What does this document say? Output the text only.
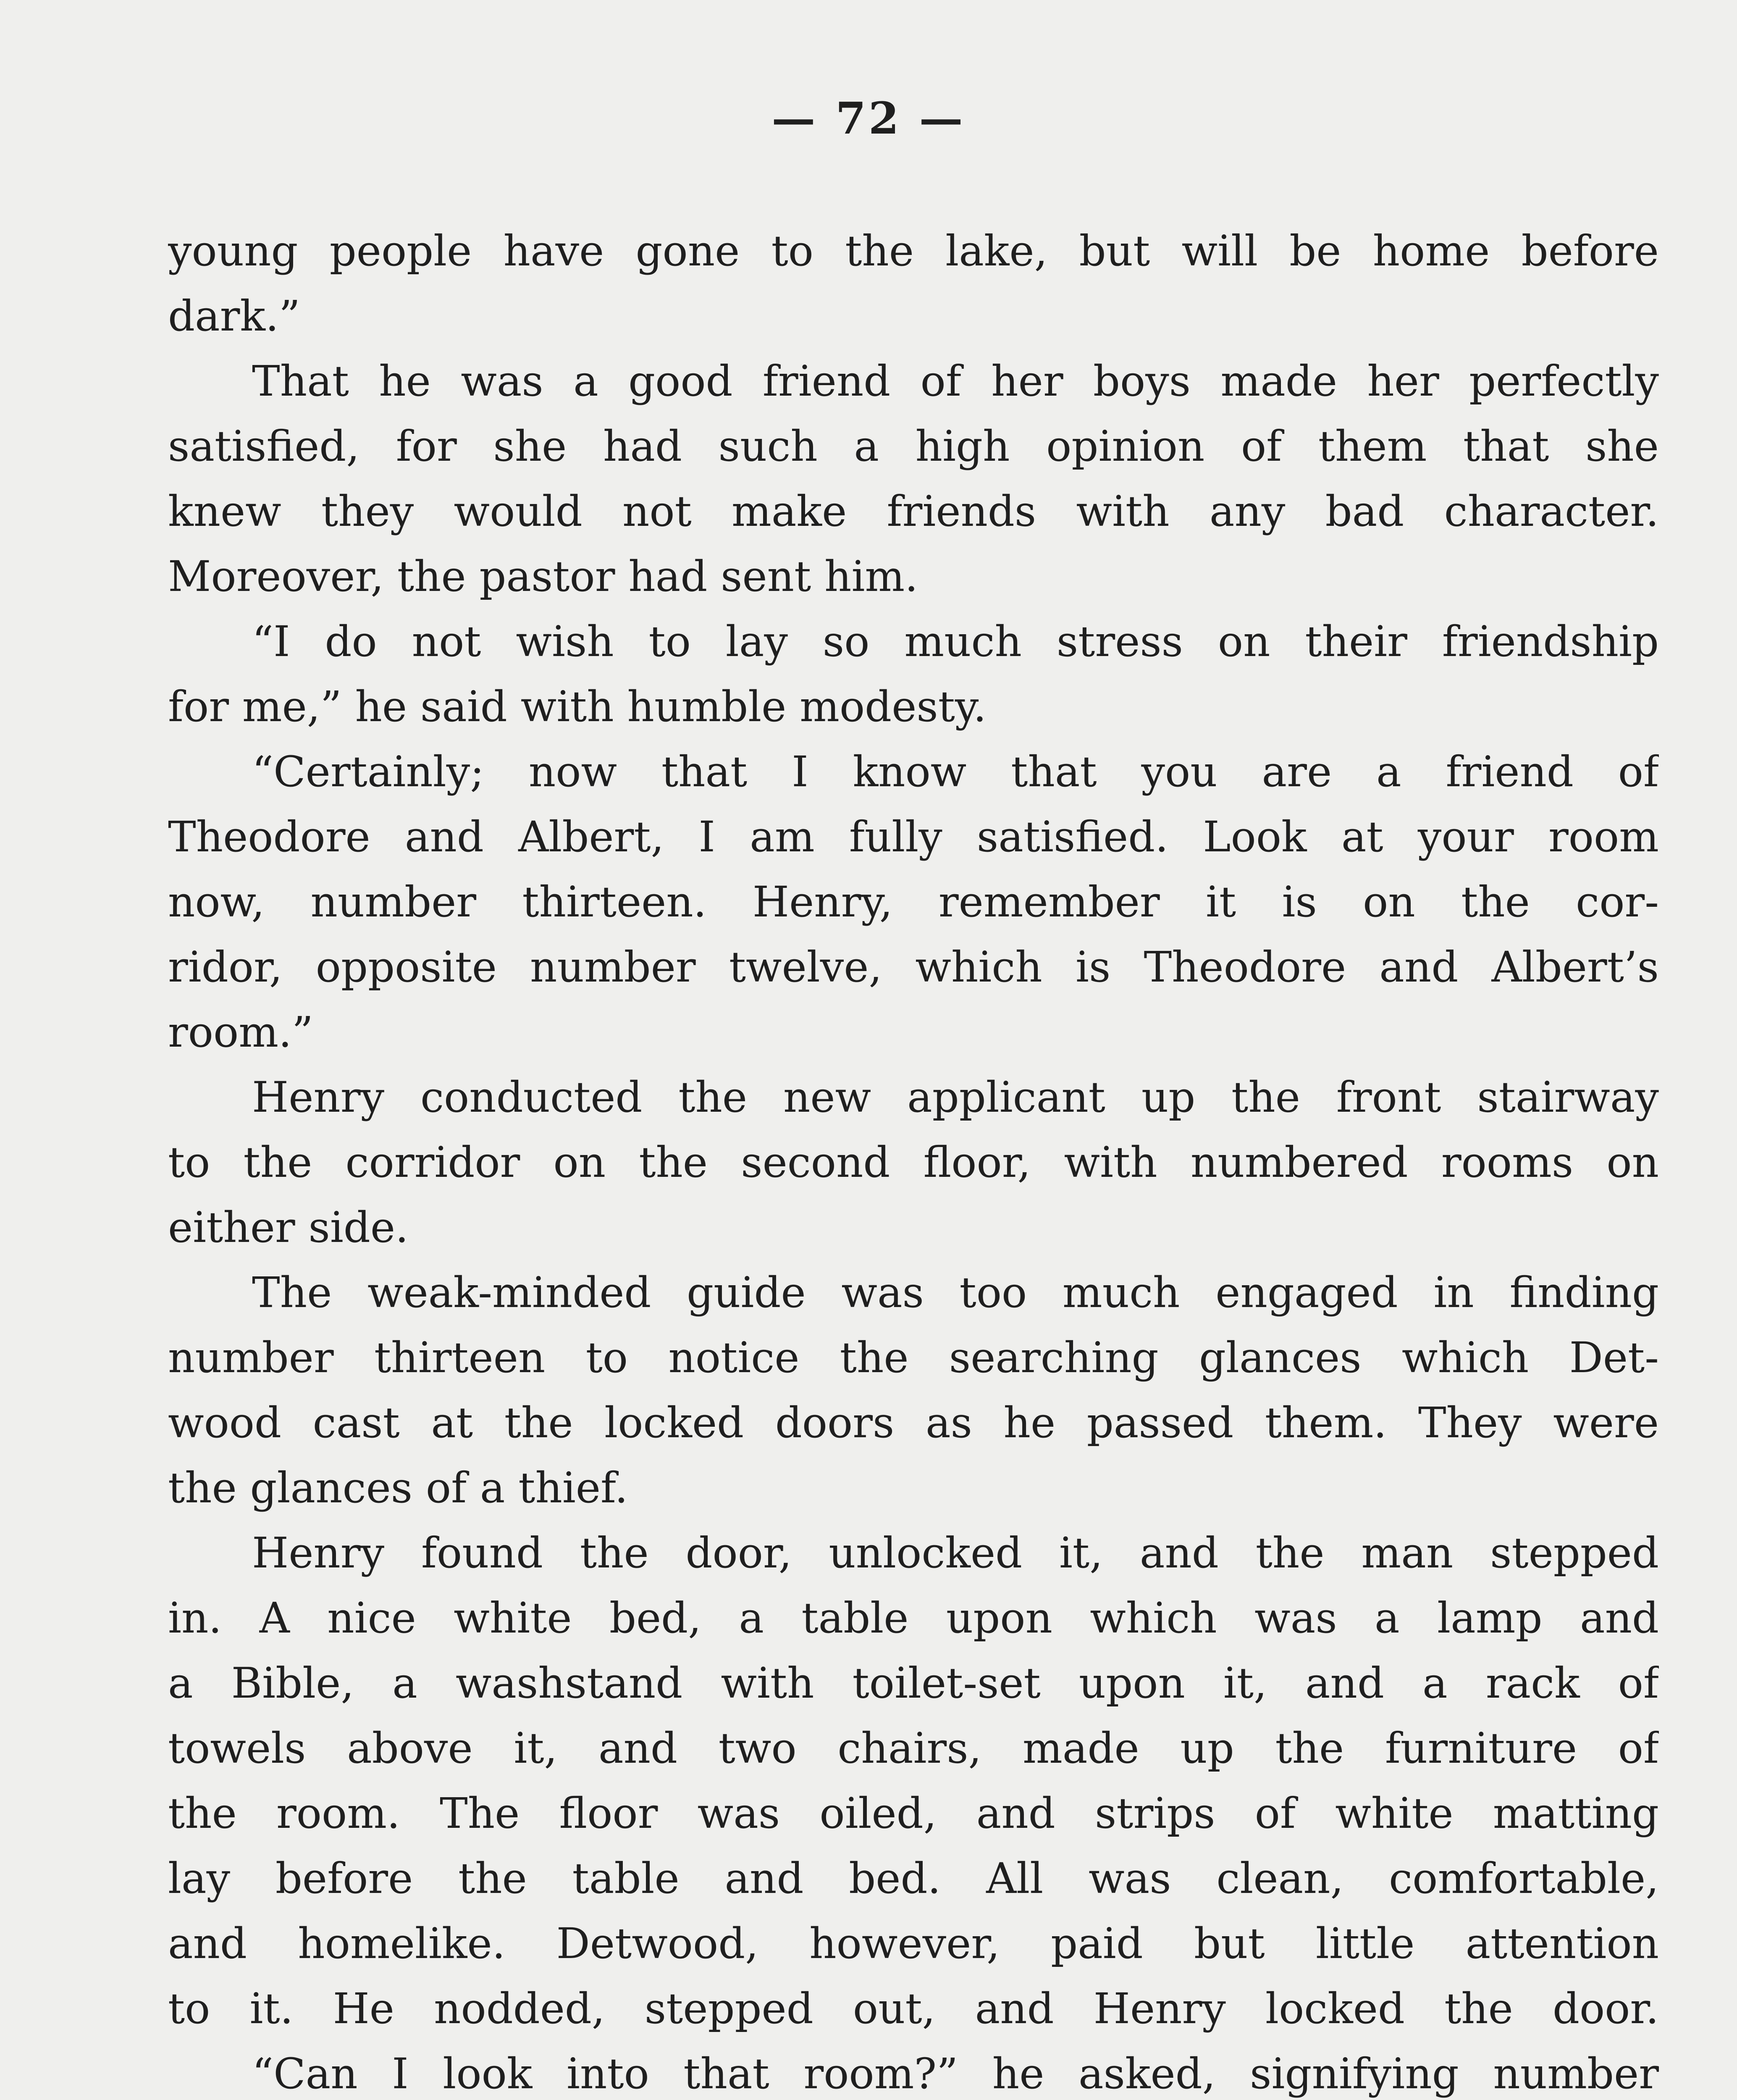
— 72 —
young people have gone to the lake, but will be home before
dark.”
That he was a good friend of her boys made her perfectly
satisfied, for she had such a high opinion of them that she
knew they would not make friends with any bad character.
Moreover, the pastor had sent him.
“I do not wish to lay so much stress on their friendship
for me,” he said with humble modesty.
“Certainly; now that I know that you are a friend of
Theodore and Albert, I am fully satisfied. Look at your room
now, number thirteen. Henry, remember it is on the cor-
ridor, opposite number twelve, which is Theodore and Albert’s
room.”
Henry conducted the new applicant up the front stairway
to the corridor on the second floor, with numbered rooms on
either side.
The weak-minded guide was too much engaged in finding
number thirteen to notice the searching glances which Det-
wood cast at the locked doors as he passed them. They were
the glances of a thief.
Henry found the door, unlocked it, and the man stepped
in. A nice white bed, a table upon which was a lamp and
a Bible, a washstand with toilet-set upon it, and a rack of
towels above it, and two chairs, made up the furniture of
the room. The floor was oiled, and strips of white matting
lay before the table and bed. All was clean, comfortable,
and homelike. Detwood, however, paid but little attention
to it. He nodded, stepped out, and Henry locked the door.
“Can I look into that room?” he asked, signifying number
